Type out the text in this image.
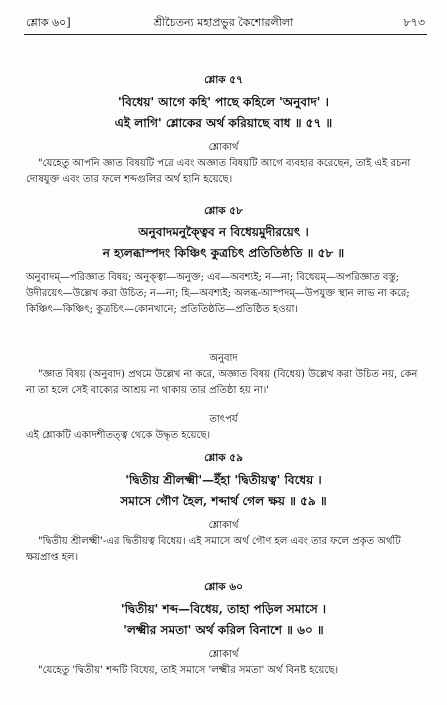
শ্লোক ৬০]	শ্রীচৈতন্য মহাপ্রভুর কৈশোরলীলা	৮৭৩
শ্লোক ৫৭
'বিধেয়' আগে কহি' পাছে কহিলে 'অনুবাদ' ।
এই লাগি' শ্লোকের অর্থ করিয়াছে বাধ ॥ ৫৭ ॥
শ্লোকার্থ
"যেহেতু আপনি জ্ঞাত বিষয়টি পরে এবং অজ্ঞাত বিষয়টি আগে ব্যবহার করেছেন, তাই এই রচনা দোষযুক্ত এবং তার ফলে শব্দগুলির অর্থ হানি হয়েছে।
শ্লোক ৫৮
অনুবাদমনুক্ত্বৈব ন বিধেয়মুদীরয়েৎ ।
ন হ্যলব্ধাস্পদং কিঞ্চিৎ কুত্রচিৎ প্রতিতিষ্ঠতি ॥ ৫৮ ॥
অনুবাদম্—পরিজ্ঞাত বিষয়; অনুক্ত্বা—অনুক্ত; এব—অবশ্যই; ন—না; বিধেয়ম্—অপরিজ্ঞাত বস্তু; উদীরয়েৎ—উল্লেখ করা উচিত; ন—না; হি—অবশ্যই; অলব্ধ-আস্পদম্—উপযুক্ত স্থান লাভ না করে; কিঞ্চিৎ—কিঞ্চিৎ; কুত্রচিৎ—কোনখানে; প্রতিতিষ্ঠতি—প্রতিষ্ঠিত হওয়া।
অনুবাদ
"জ্ঞাত বিষয় (অনুবাদ) প্রথমে উল্লেখ না করে, অজ্ঞাত বিষয় (বিধেয়) উল্লেখ করা উচিত নয়, কেন না তা হলে সেই বাক্যের আশ্রয় না থাকায় তার প্রতিষ্ঠা হয় না।'
তাৎপর্য
এই শ্লোকটি একাদশীতত্ত্ব থেকে উদ্ধৃত হয়েছে।
শ্লোক ৫৯
'দ্বিতীয় শ্রীলক্ষ্মী'—ইঁহা 'দ্বিতীয়ত্ব' বিধেয় ।
সমাসে গৌণ হৈল, শব্দার্থ গেল ক্ষয় ॥ ৫৯ ॥
শ্লোকার্থ
"দ্বিতীয় শ্রীলক্ষ্মী'-এর দ্বিতীয়ত্ব বিধেয়। এই সমাসে অর্থ গৌণ হল এবং তার ফলে প্রকৃত অর্থটি ক্ষয়প্রাপ্ত হল।
শ্লোক ৬০
'দ্বিতীয়' শব্দ—বিধেয়, তাহা পড়িল সমাসে ।
'লক্ষ্মীর সমতা' অর্থ করিল বিনাশে ॥ ৬০ ॥
শ্লোকার্থ
"যেহেতু 'দ্বিতীয়' শব্দটি বিধেয়, তাই সমাসে 'লক্ষ্মীর সমতা' অর্থ বিনষ্ট হয়েছে।
